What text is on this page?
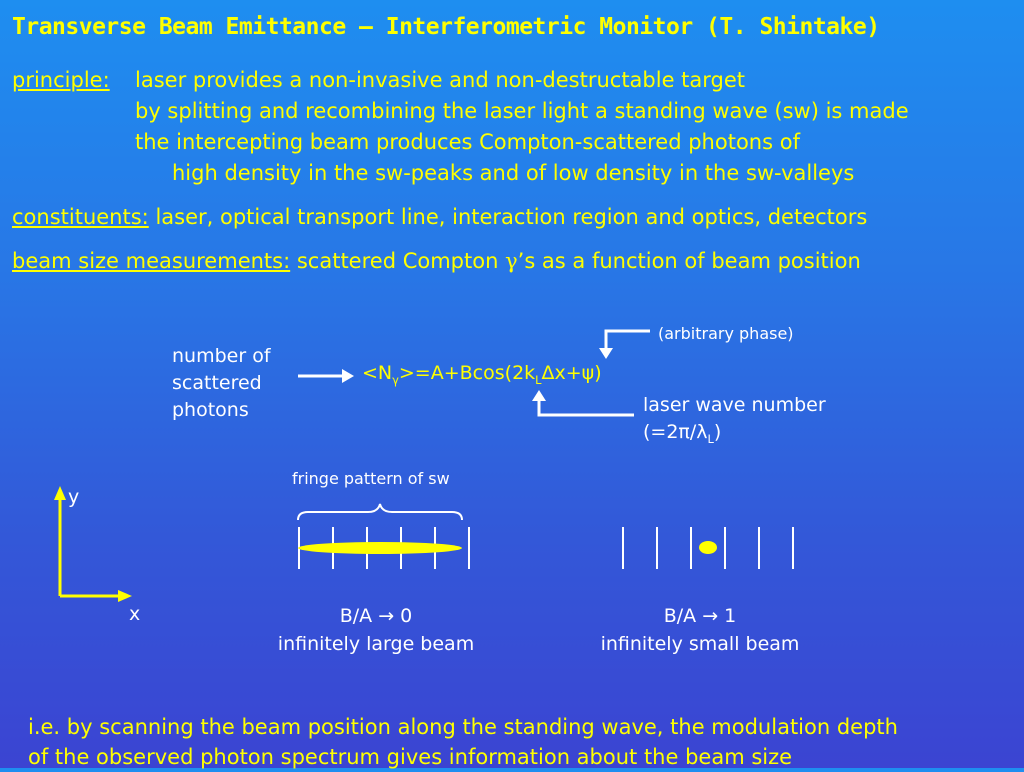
Transverse Beam Emittance – Interferometric Monitor (T. Shintake)
principle: laser provides a non-invasive and non-destructable target
by splitting and recombining the laser light a standing wave (sw) is made
the intercepting beam produces Compton-scattered photons of
high density in the sw-peaks and of low density in the sw-valleys
constituents: laser, optical transport line, interaction region and optics, detectors
beam size measurements: scattered Compton γ’s as a function of beam position
number of
scattered
photons
$<N_\gamma>=A+Bcos(2k_L\Delta x+\psi)$
(arbitrary phase)
laser wave number
$(=2\pi/\lambda_L)$
y
x
fringe pattern of sw
B/A → 0
infinitely large beam
B/A → 1
infinitely small beam
i.e. by scanning the beam position along the standing wave, the modulation depth
of the observed photon spectrum gives information about the beam size
